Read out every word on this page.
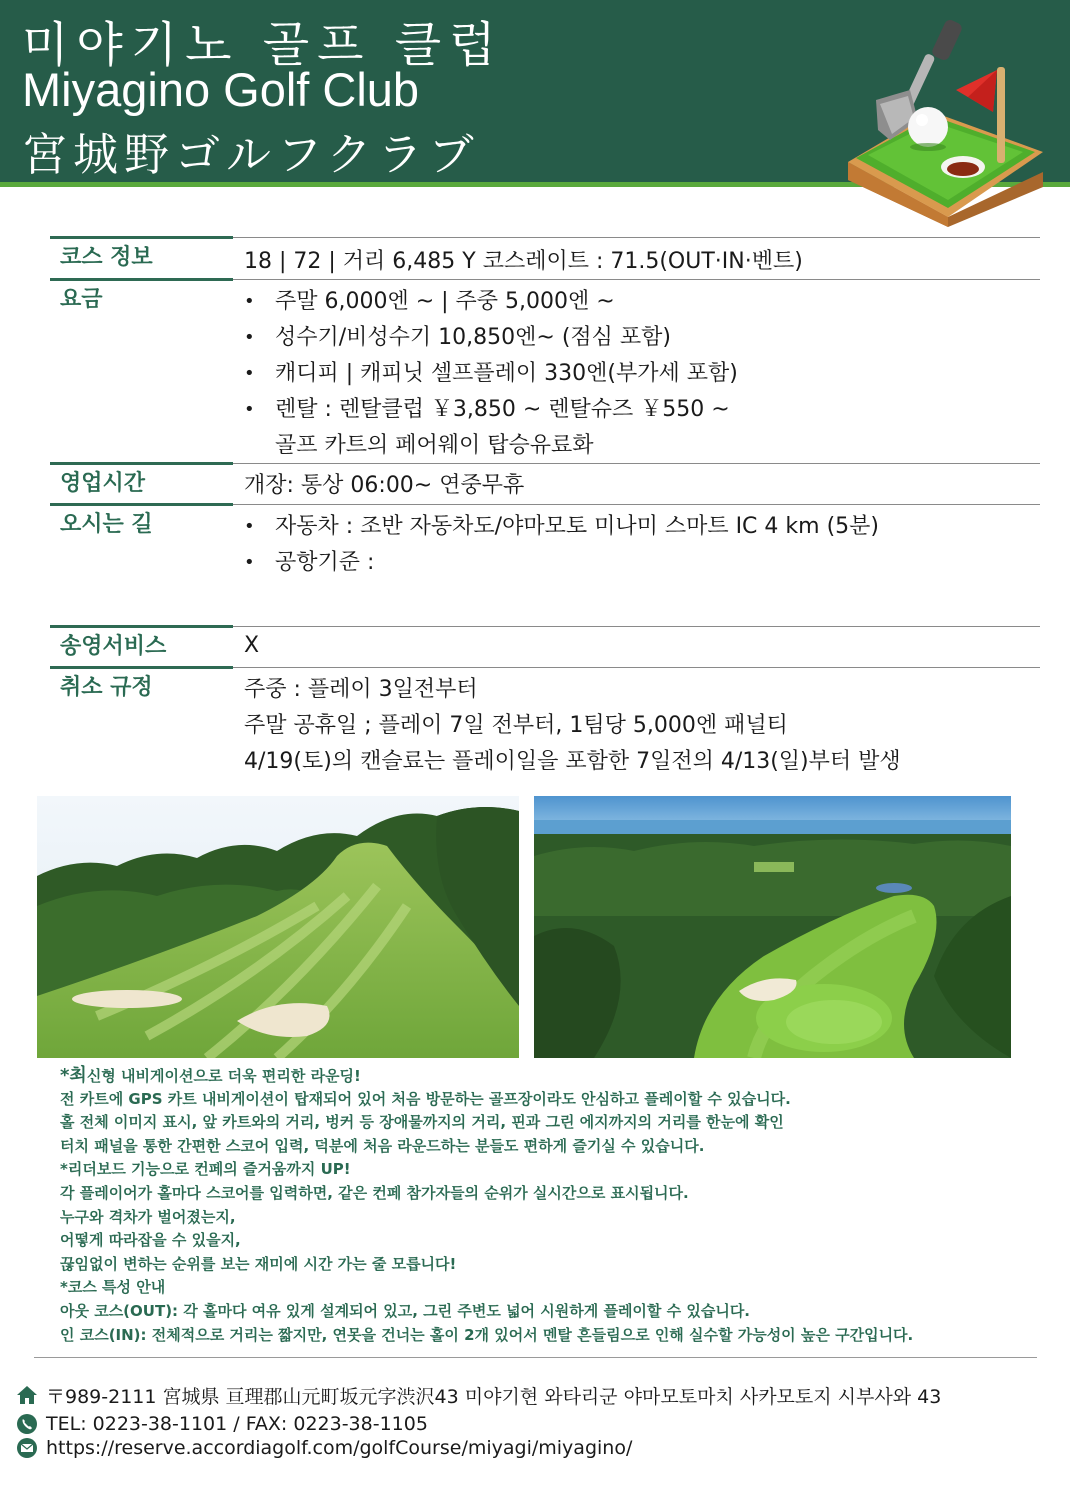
미야기노 골프 클럽
Miyagino Golf Club
宮城野ゴルフクラブ
코스 정보	18 | 72 | 거리 6,485 Y 코스레이트 : 71.5(OUT·IN·벤트)
요금	• 주말 6,000엔 ~ | 주중 5,000엔 ~
• 성수기/비성수기 10,850엔~ (점심 포함)
• 캐디피 | 캐피닛 셀프플레이 330엔(부가세 포함)
• 렌탈 : 렌탈클럽 ￥3,850 ~ 렌탈슈즈 ￥550 ~
골프 카트의 페어웨이 탑승유료화
영업시간	개장: 통상 06:00~ 연중무휴
오시는 길	• 자동차 : 조반 자동차도/야마모토 미나미 스마트 IC 4 km (5분)
• 공항기준 :
송영서비스	X
취소 규정	주중 : 플레이 3일전부터
주말 공휴일 ; 플레이 7일 전부터, 1팀당 5,000엔 패널티
4/19(토)의 캔슬료는 플레이일을 포함한 7일전의 4/13(일)부터 발생
*최신형 내비게이션으로 더욱 편리한 라운딩!
전 카트에 GPS 카트 내비게이션이 탑재되어 있어 처음 방문하는 골프장이라도 안심하고 플레이할 수 있습니다.
홀 전체 이미지 표시, 앞 카트와의 거리, 벙커 등 장애물까지의 거리, 핀과 그린 에지까지의 거리를 한눈에 확인
터치 패널을 통한 간편한 스코어 입력, 덕분에 처음 라운드하는 분들도 편하게 즐기실 수 있습니다.
*리더보드 기능으로 컨페의 즐거움까지 UP!
각 플레이어가 홀마다 스코어를 입력하면, 같은 컨페 참가자들의 순위가 실시간으로 표시됩니다.
누구와 격차가 벌어졌는지,
어떻게 따라잡을 수 있을지,
끊임없이 변하는 순위를 보는 재미에 시간 가는 줄 모릅니다!
*코스 특성 안내
아웃 코스(OUT): 각 홀마다 여유 있게 설계되어 있고, 그린 주변도 넓어 시원하게 플레이할 수 있습니다.
인 코스(IN): 전체적으로 거리는 짧지만, 연못을 건너는 홀이 2개 있어서 멘탈 흔들림으로 인해 실수할 가능성이 높은 구간입니다.
〒989-2111 宮城県 亘理郡山元町坂元字渋沢43 미야기현 와타리군 야마모토마치 사카모토지 시부사와 43
TEL: 0223-38-1101 / FAX: 0223-38-1105
https://reserve.accordiagolf.com/golfCourse/miyagi/miyagino/
